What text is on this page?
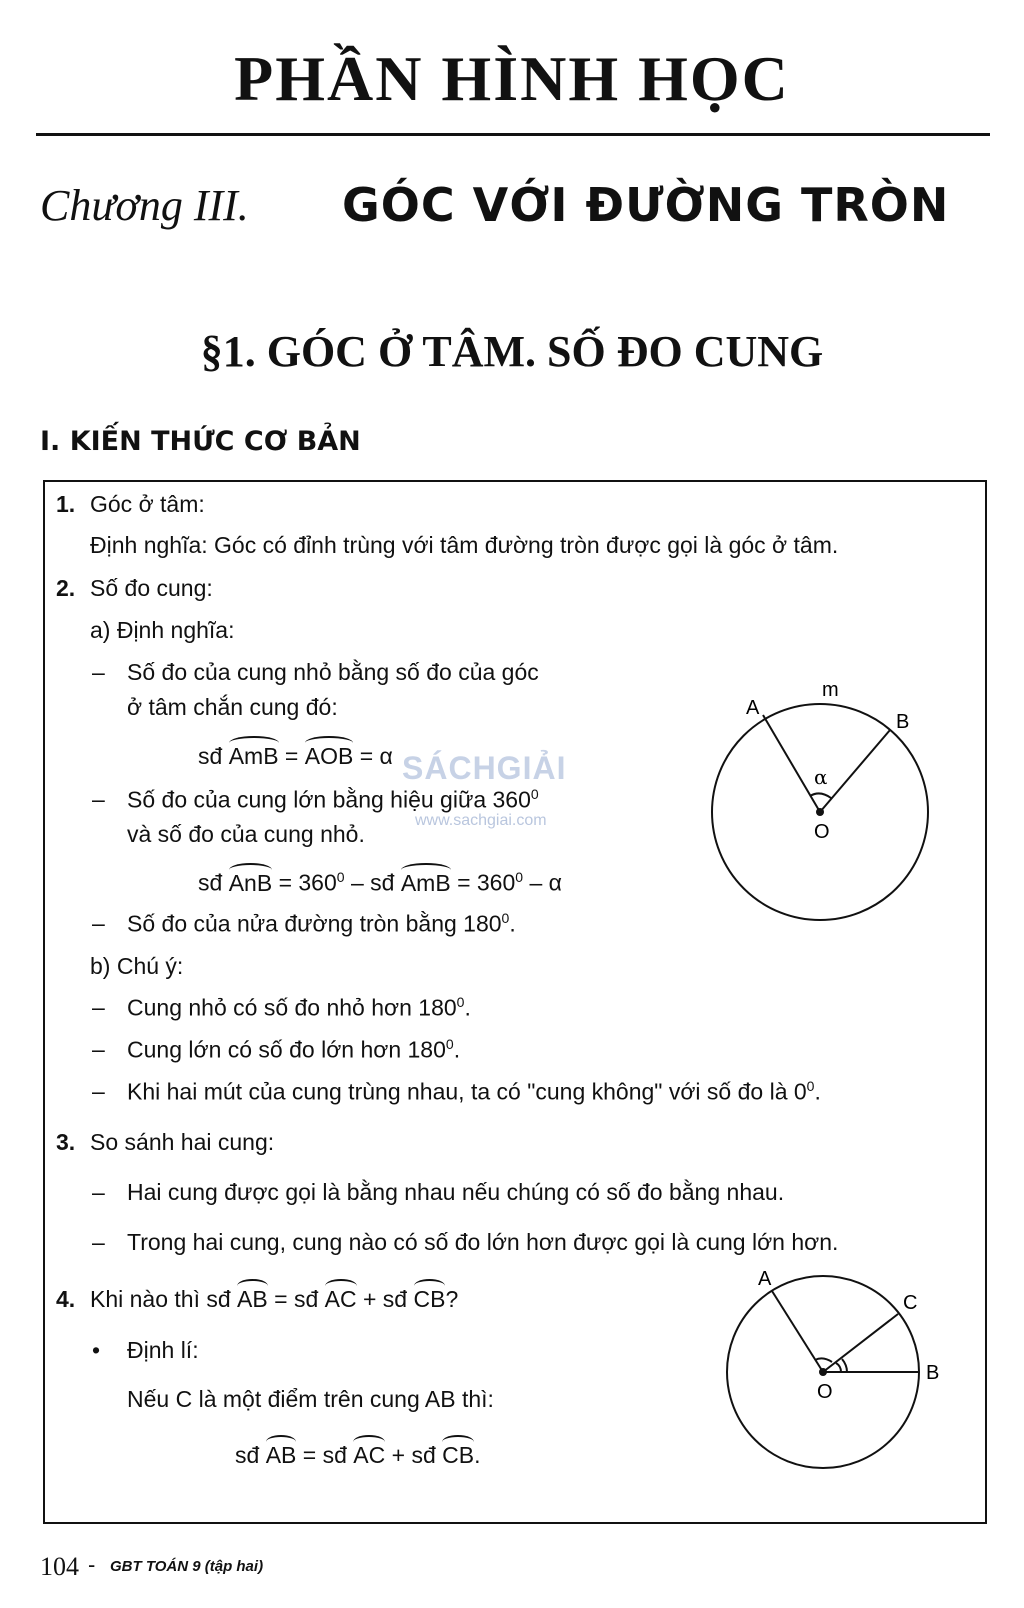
PHẦN HÌNH HỌC
Chương III. GÓC VỚI ĐƯỜNG TRÒN
§1. GÓC Ở TÂM. SỐ ĐO CUNG
I. KIẾN THỨC CƠ BẢN
1. Góc ở tâm:
Định nghĩa: Góc có đỉnh trùng với tâm đường tròn được gọi là góc ở tâm.
2. Số đo cung:
a) Định nghĩa:
– Số đo của cung nhỏ bằng số đo của góc
ở tâm chắn cung đó:
sđ AmB = AOB = α
– Số đo của cung lớn bằng hiệu giữa $360^0$
và số đo của cung nhỏ.
sđ AnB = $360^0$ – sđ AmB = $360^0$ – α
– Số đo của nửa đường tròn bằng $180^0$.
b) Chú ý:
– Cung nhỏ có số đo nhỏ hơn $180^0$.
– Cung lớn có số đo lớn hơn $180^0$.
– Khi hai mút của cung trùng nhau, ta có "cung không" với số đo là $0^0$.
3. So sánh hai cung:
– Hai cung được gọi là bằng nhau nếu chúng có số đo bằng nhau.
– Trong hai cung, cung nào có số đo lớn hơn được gọi là cung lớn hơn.
4. Khi nào thì sđ AB = sđ AC + sđ CB?
• Định lí:
Nếu C là một điểm trên cung AB thì:
sđ AB = sđ AC + sđ CB.
A
B
m
α
O
A
C
B
O
SÁCHGIẢI
www.sachgiai.com
104 - GBT TOÁN 9 (tập hai)
